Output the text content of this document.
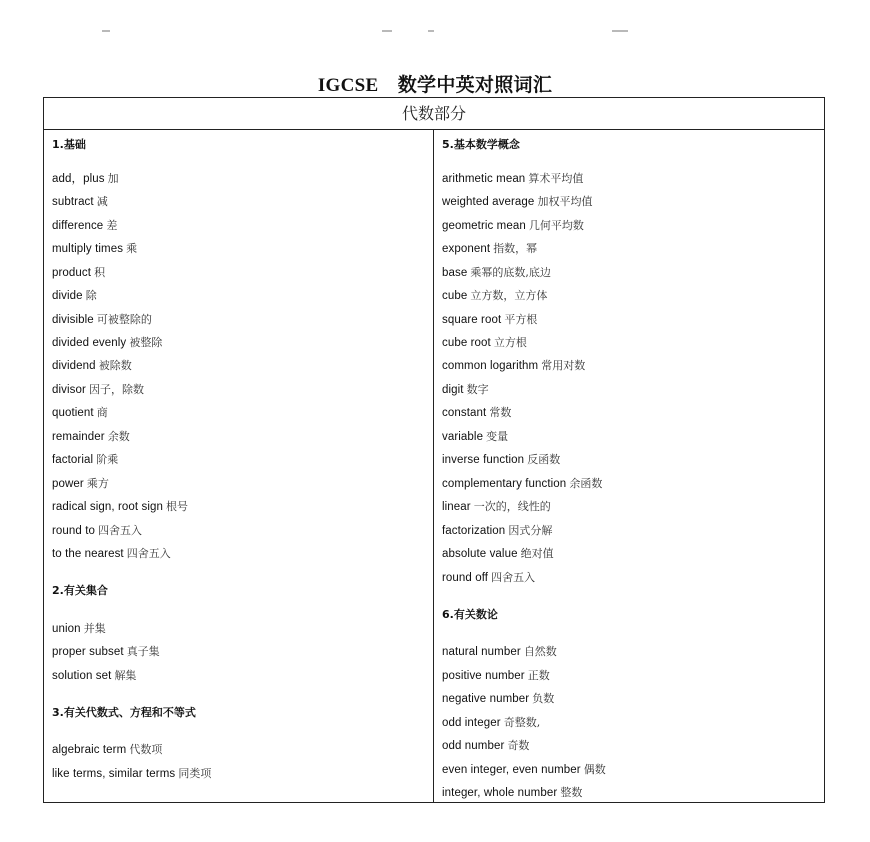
IGCSE　数学中英对照词汇
代数部分
1.基础
add，plus 加
subtract 减
difference 差
multiply times 乘
product 积
divide 除
divisible 可被整除的
divided evenly 被整除
dividend 被除数
divisor 因子，除数
quotient 商
remainder 余数
factorial 阶乘
power 乘方
radical sign, root sign 根号
round to 四舍五入
to the nearest 四舍五入
2.有关集合
union 并集
proper subset 真子集
solution set 解集
3.有关代数式、方程和不等式
algebraic term 代数项
like terms, similar terms 同类项
5.基本数学概念
arithmetic mean 算术平均值
weighted average 加权平均值
geometric mean 几何平均数
exponent 指数，幂
base 乘幂的底数,底边
cube 立方数，立方体
square root 平方根
cube root 立方根
common logarithm 常用对数
digit 数字
constant 常数
variable 变量
inverse function 反函数
complementary function 余函数
linear 一次的，线性的
factorization 因式分解
absolute value 绝对值
round off 四舍五入
6.有关数论
natural number 自然数
positive number 正数
negative number 负数
odd integer 奇整数,
odd number 奇数
even integer, even number 偶数
integer, whole number 整数
